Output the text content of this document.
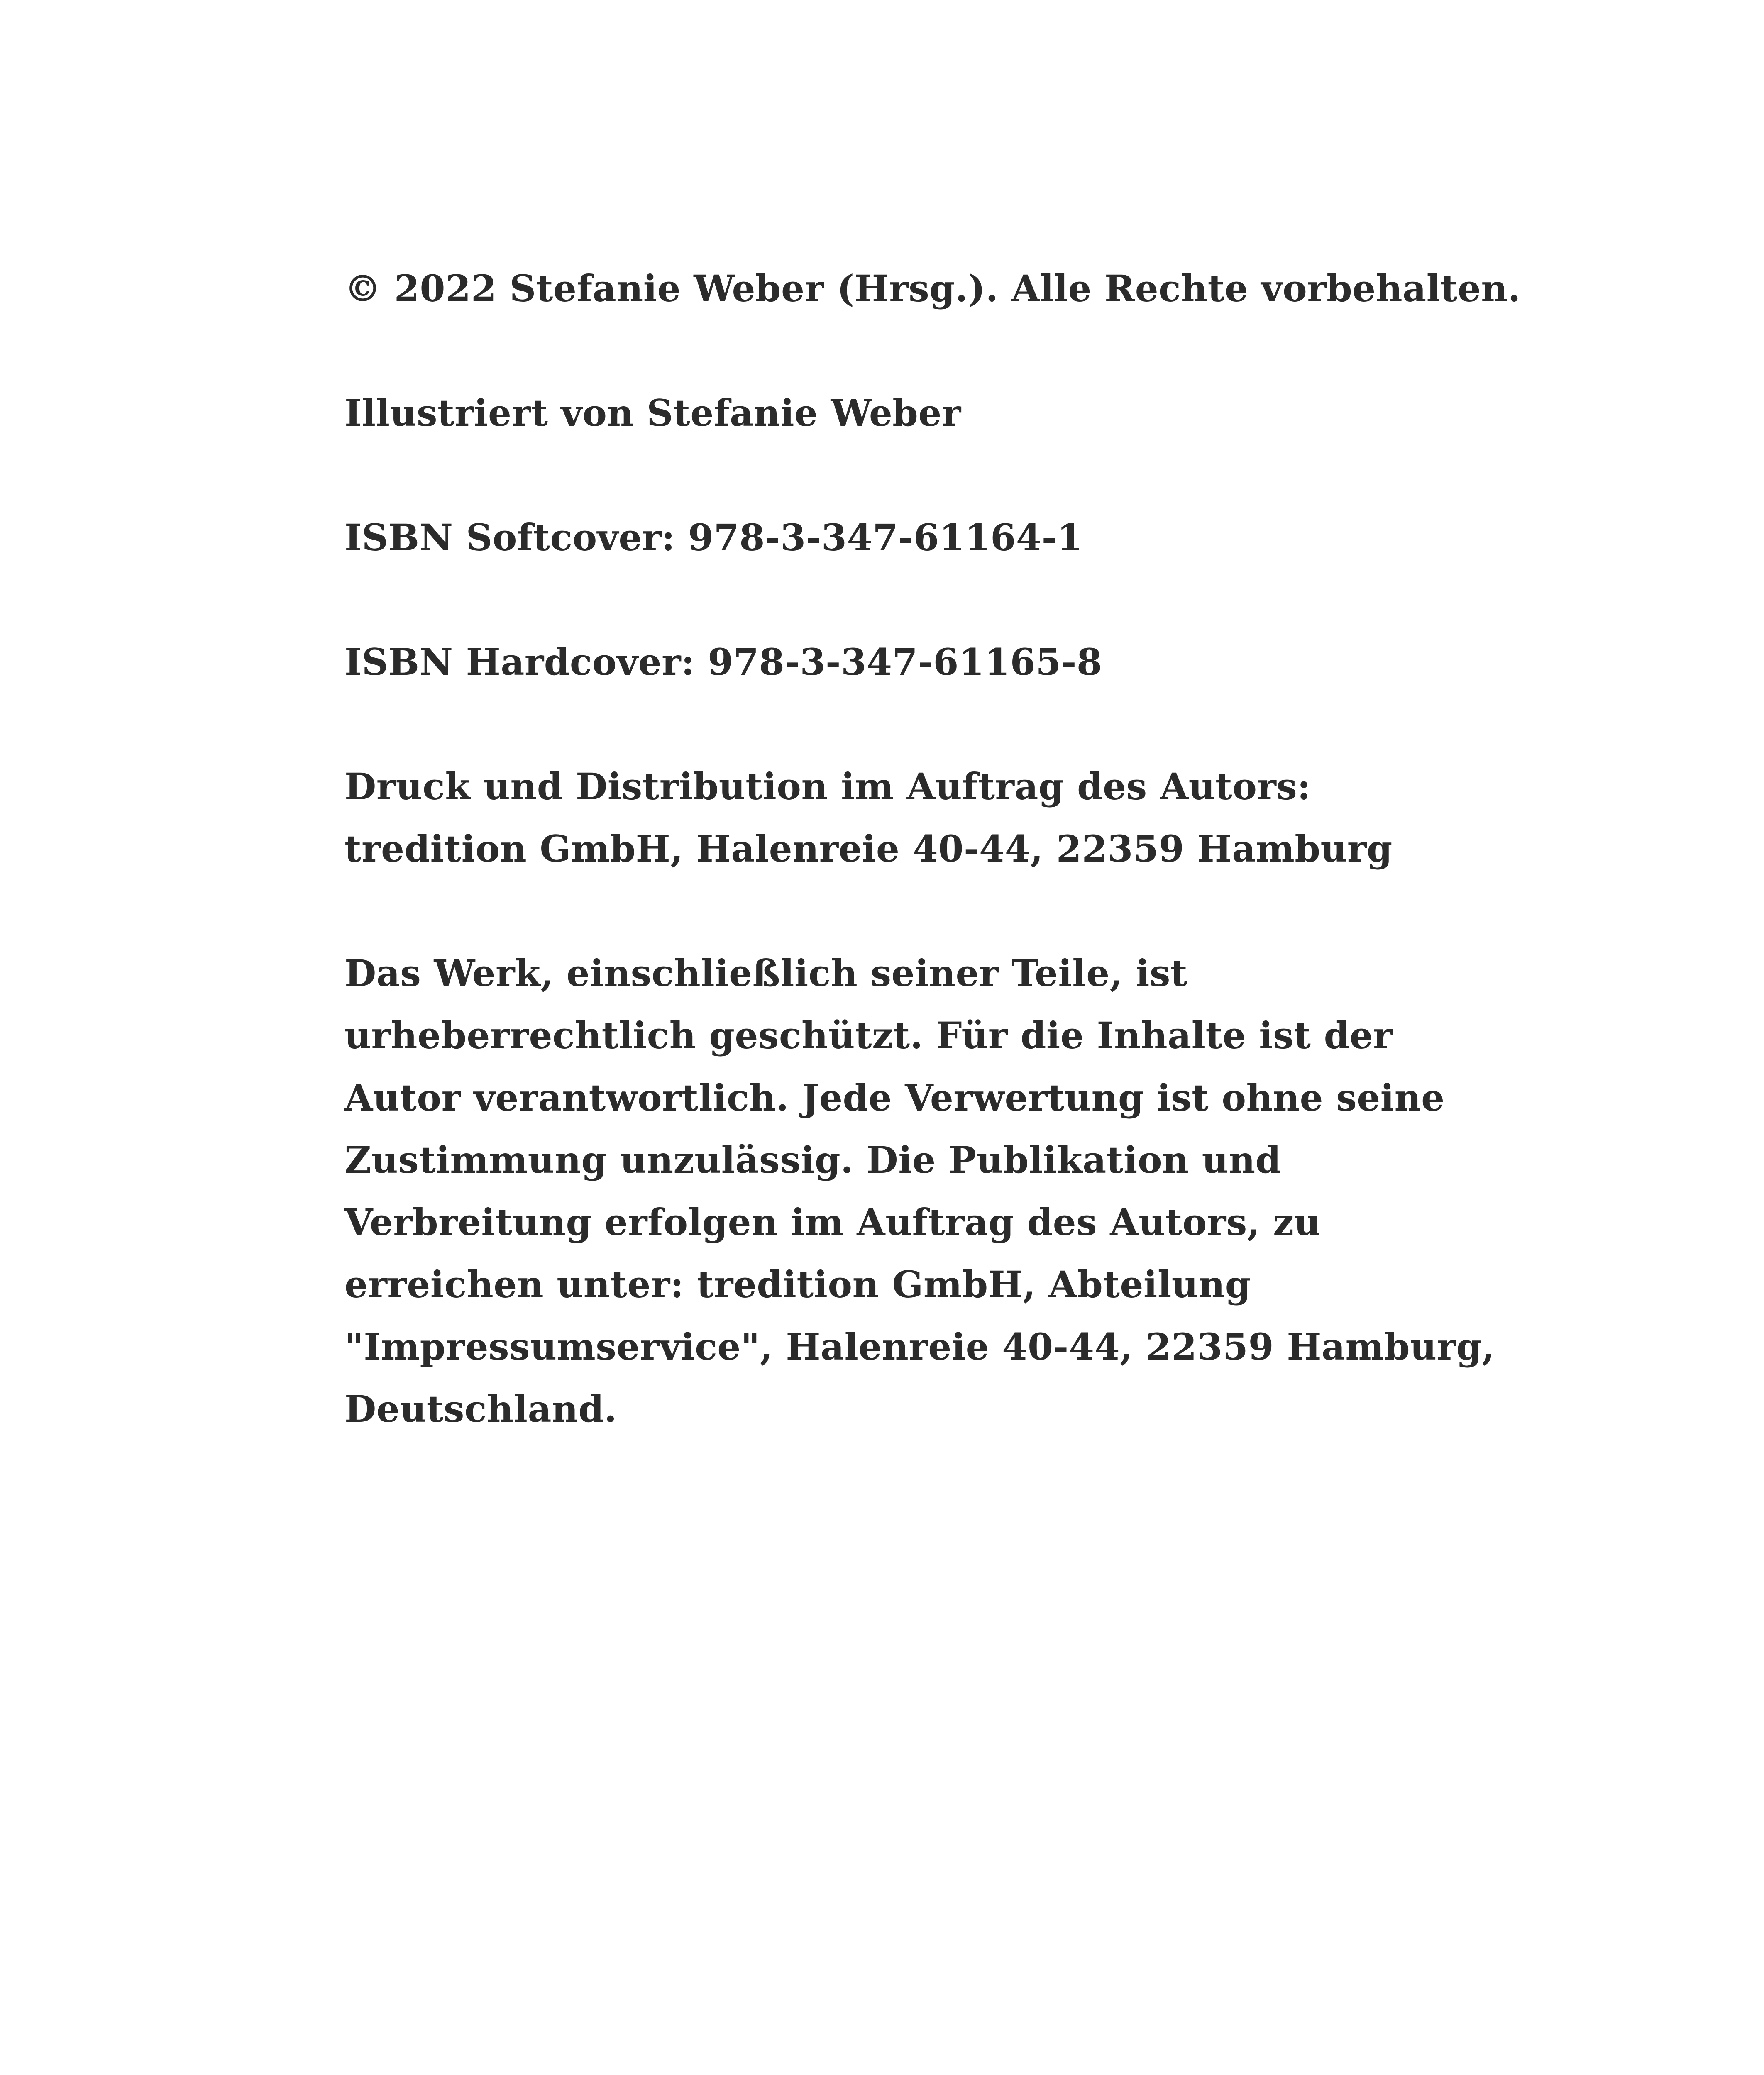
© 2022 Stefanie Weber (Hrsg.). Alle Rechte vorbehalten.
Illustriert von Stefanie Weber
ISBN Softcover: 978-3-347-61164-1
ISBN Hardcover: 978-3-347-61165-8
Druck und Distribution im Auftrag des Autors:
tredition GmbH, Halenreie 40-44, 22359 Hamburg
Das Werk, einschließlich seiner Teile, ist
urheberrechtlich geschützt. Für die Inhalte ist der
Autor verantwortlich. Jede Verwertung ist ohne seine
Zustimmung unzulässig. Die Publikation und
Verbreitung erfolgen im Auftrag des Autors, zu
erreichen unter: tredition GmbH, Abteilung
"Impressumservice", Halenreie 40-44, 22359 Hamburg,
Deutschland.
